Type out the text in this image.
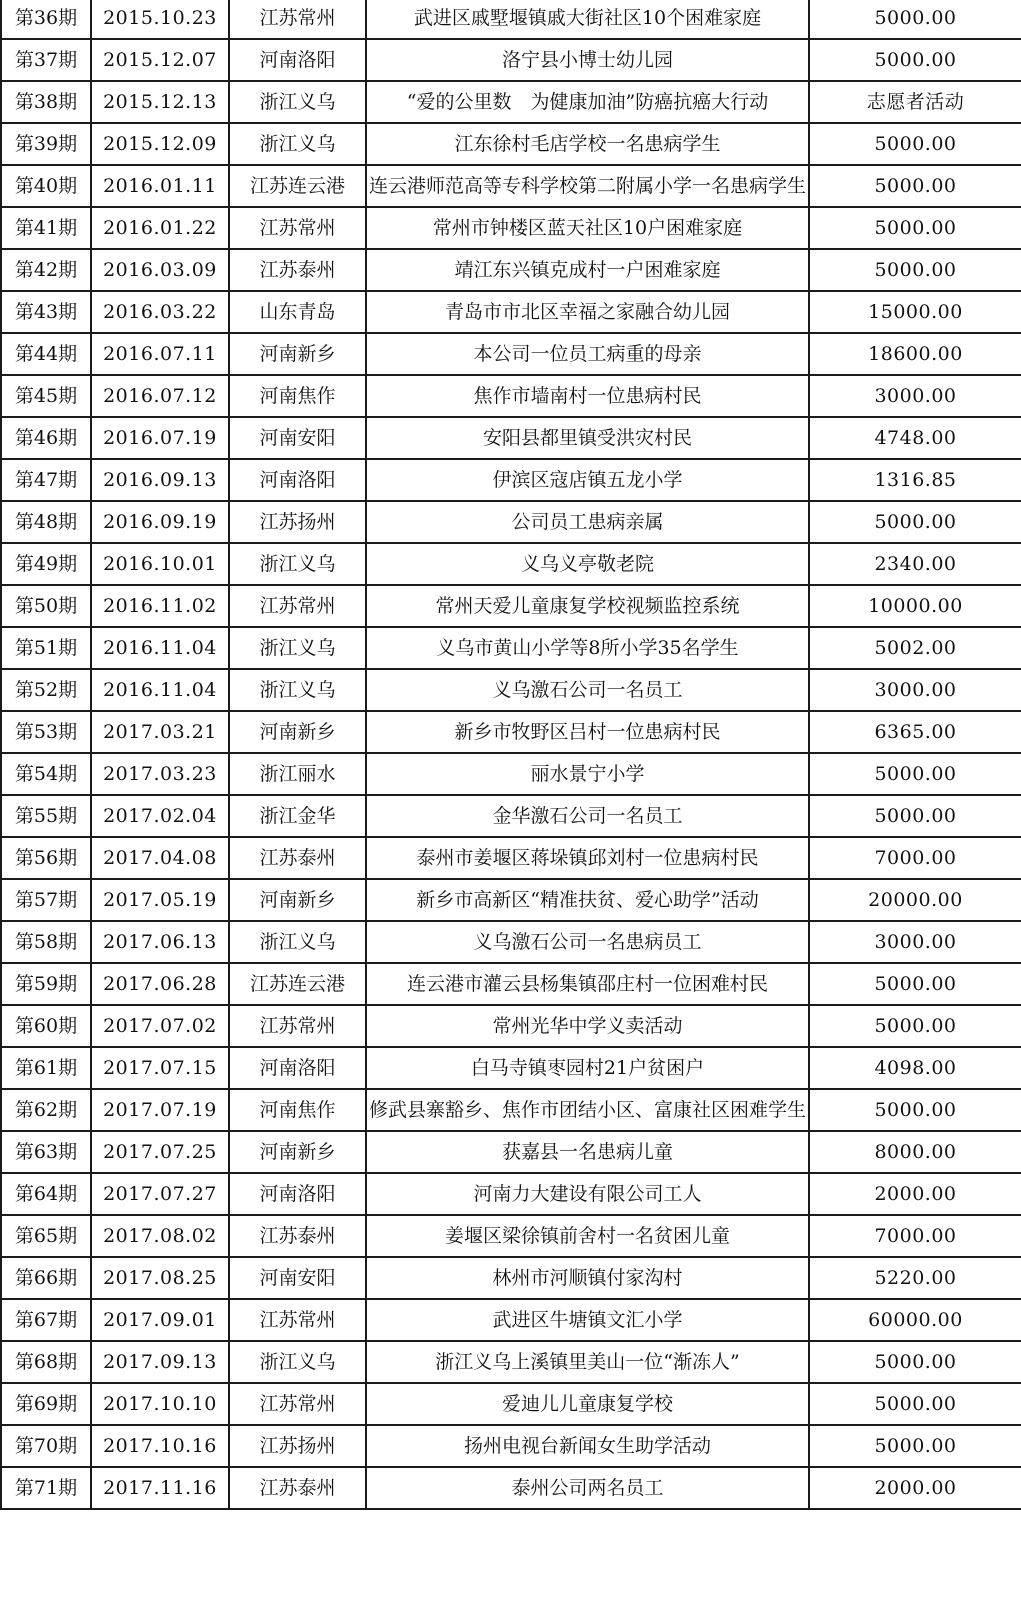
第36期	2015.10.23	江苏常州	武进区戚墅堰镇戚大街社区10个困难家庭	5000.00

第37期	2015.12.07	河南洛阳	洛宁县小博士幼儿园	5000.00

第38期	2015.12.13	浙江义乌	“爱的公里数　为健康加油”防癌抗癌大行动	志愿者活动

第39期	2015.12.09	浙江义乌	江东徐村毛店学校一名患病学生	5000.00

第40期	2016.01.11	江苏连云港	连云港师范高等专科学校第二附属小学一名患病学生	5000.00

第41期	2016.01.22	江苏常州	常州市钟楼区蓝天社区10户困难家庭	5000.00

第42期	2016.03.09	江苏泰州	靖江东兴镇克成村一户困难家庭	5000.00

第43期	2016.03.22	山东青岛	青岛市市北区幸福之家融合幼儿园	15000.00

第44期	2016.07.11	河南新乡	本公司一位员工病重的母亲	18600.00

第45期	2016.07.12	河南焦作	焦作市墙南村一位患病村民	3000.00

第46期	2016.07.19	河南安阳	安阳县都里镇受洪灾村民	4748.00

第47期	2016.09.13	河南洛阳	伊滨区寇店镇五龙小学	1316.85

第48期	2016.09.19	江苏扬州	公司员工患病亲属	5000.00

第49期	2016.10.01	浙江义乌	义乌义亭敬老院	2340.00

第50期	2016.11.02	江苏常州	常州天爱儿童康复学校视频监控系统	10000.00

第51期	2016.11.04	浙江义乌	义乌市黄山小学等8所小学35名学生	5002.00

第52期	2016.11.04	浙江义乌	义乌激石公司一名员工	3000.00

第53期	2017.03.21	河南新乡	新乡市牧野区吕村一位患病村民	6365.00

第54期	2017.03.23	浙江丽水	丽水景宁小学	5000.00

第55期	2017.02.04	浙江金华	金华激石公司一名员工	5000.00

第56期	2017.04.08	江苏泰州	泰州市姜堰区蒋垛镇邱刘村一位患病村民	7000.00

第57期	2017.05.19	河南新乡	新乡市高新区“精准扶贫、爱心助学”活动	20000.00

第58期	2017.06.13	浙江义乌	义乌激石公司一名患病员工	3000.00

第59期	2017.06.28	江苏连云港	连云港市灌云县杨集镇邵庄村一位困难村民	5000.00

第60期	2017.07.02	江苏常州	常州光华中学义卖活动	5000.00

第61期	2017.07.15	河南洛阳	白马寺镇枣园村21户贫困户	4098.00

第62期	2017.07.19	河南焦作	修武县寨豁乡、焦作市团结小区、富康社区困难学生	5000.00

第63期	2017.07.25	河南新乡	获嘉县一名患病儿童	8000.00

第64期	2017.07.27	河南洛阳	河南力大建设有限公司工人	2000.00

第65期	2017.08.02	江苏泰州	姜堰区梁徐镇前舍村一名贫困儿童	7000.00

第66期	2017.08.25	河南安阳	林州市河顺镇付家沟村	5220.00

第67期	2017.09.01	江苏常州	武进区牛塘镇文汇小学	60000.00

第68期	2017.09.13	浙江义乌	浙江义乌上溪镇里美山一位“渐冻人”	5000.00

第69期	2017.10.10	江苏常州	爱迪儿儿童康复学校	5000.00

第70期	2017.10.16	江苏扬州	扬州电视台新闻女生助学活动	5000.00

第71期	2017.11.16	江苏泰州	泰州公司两名员工	2000.00
